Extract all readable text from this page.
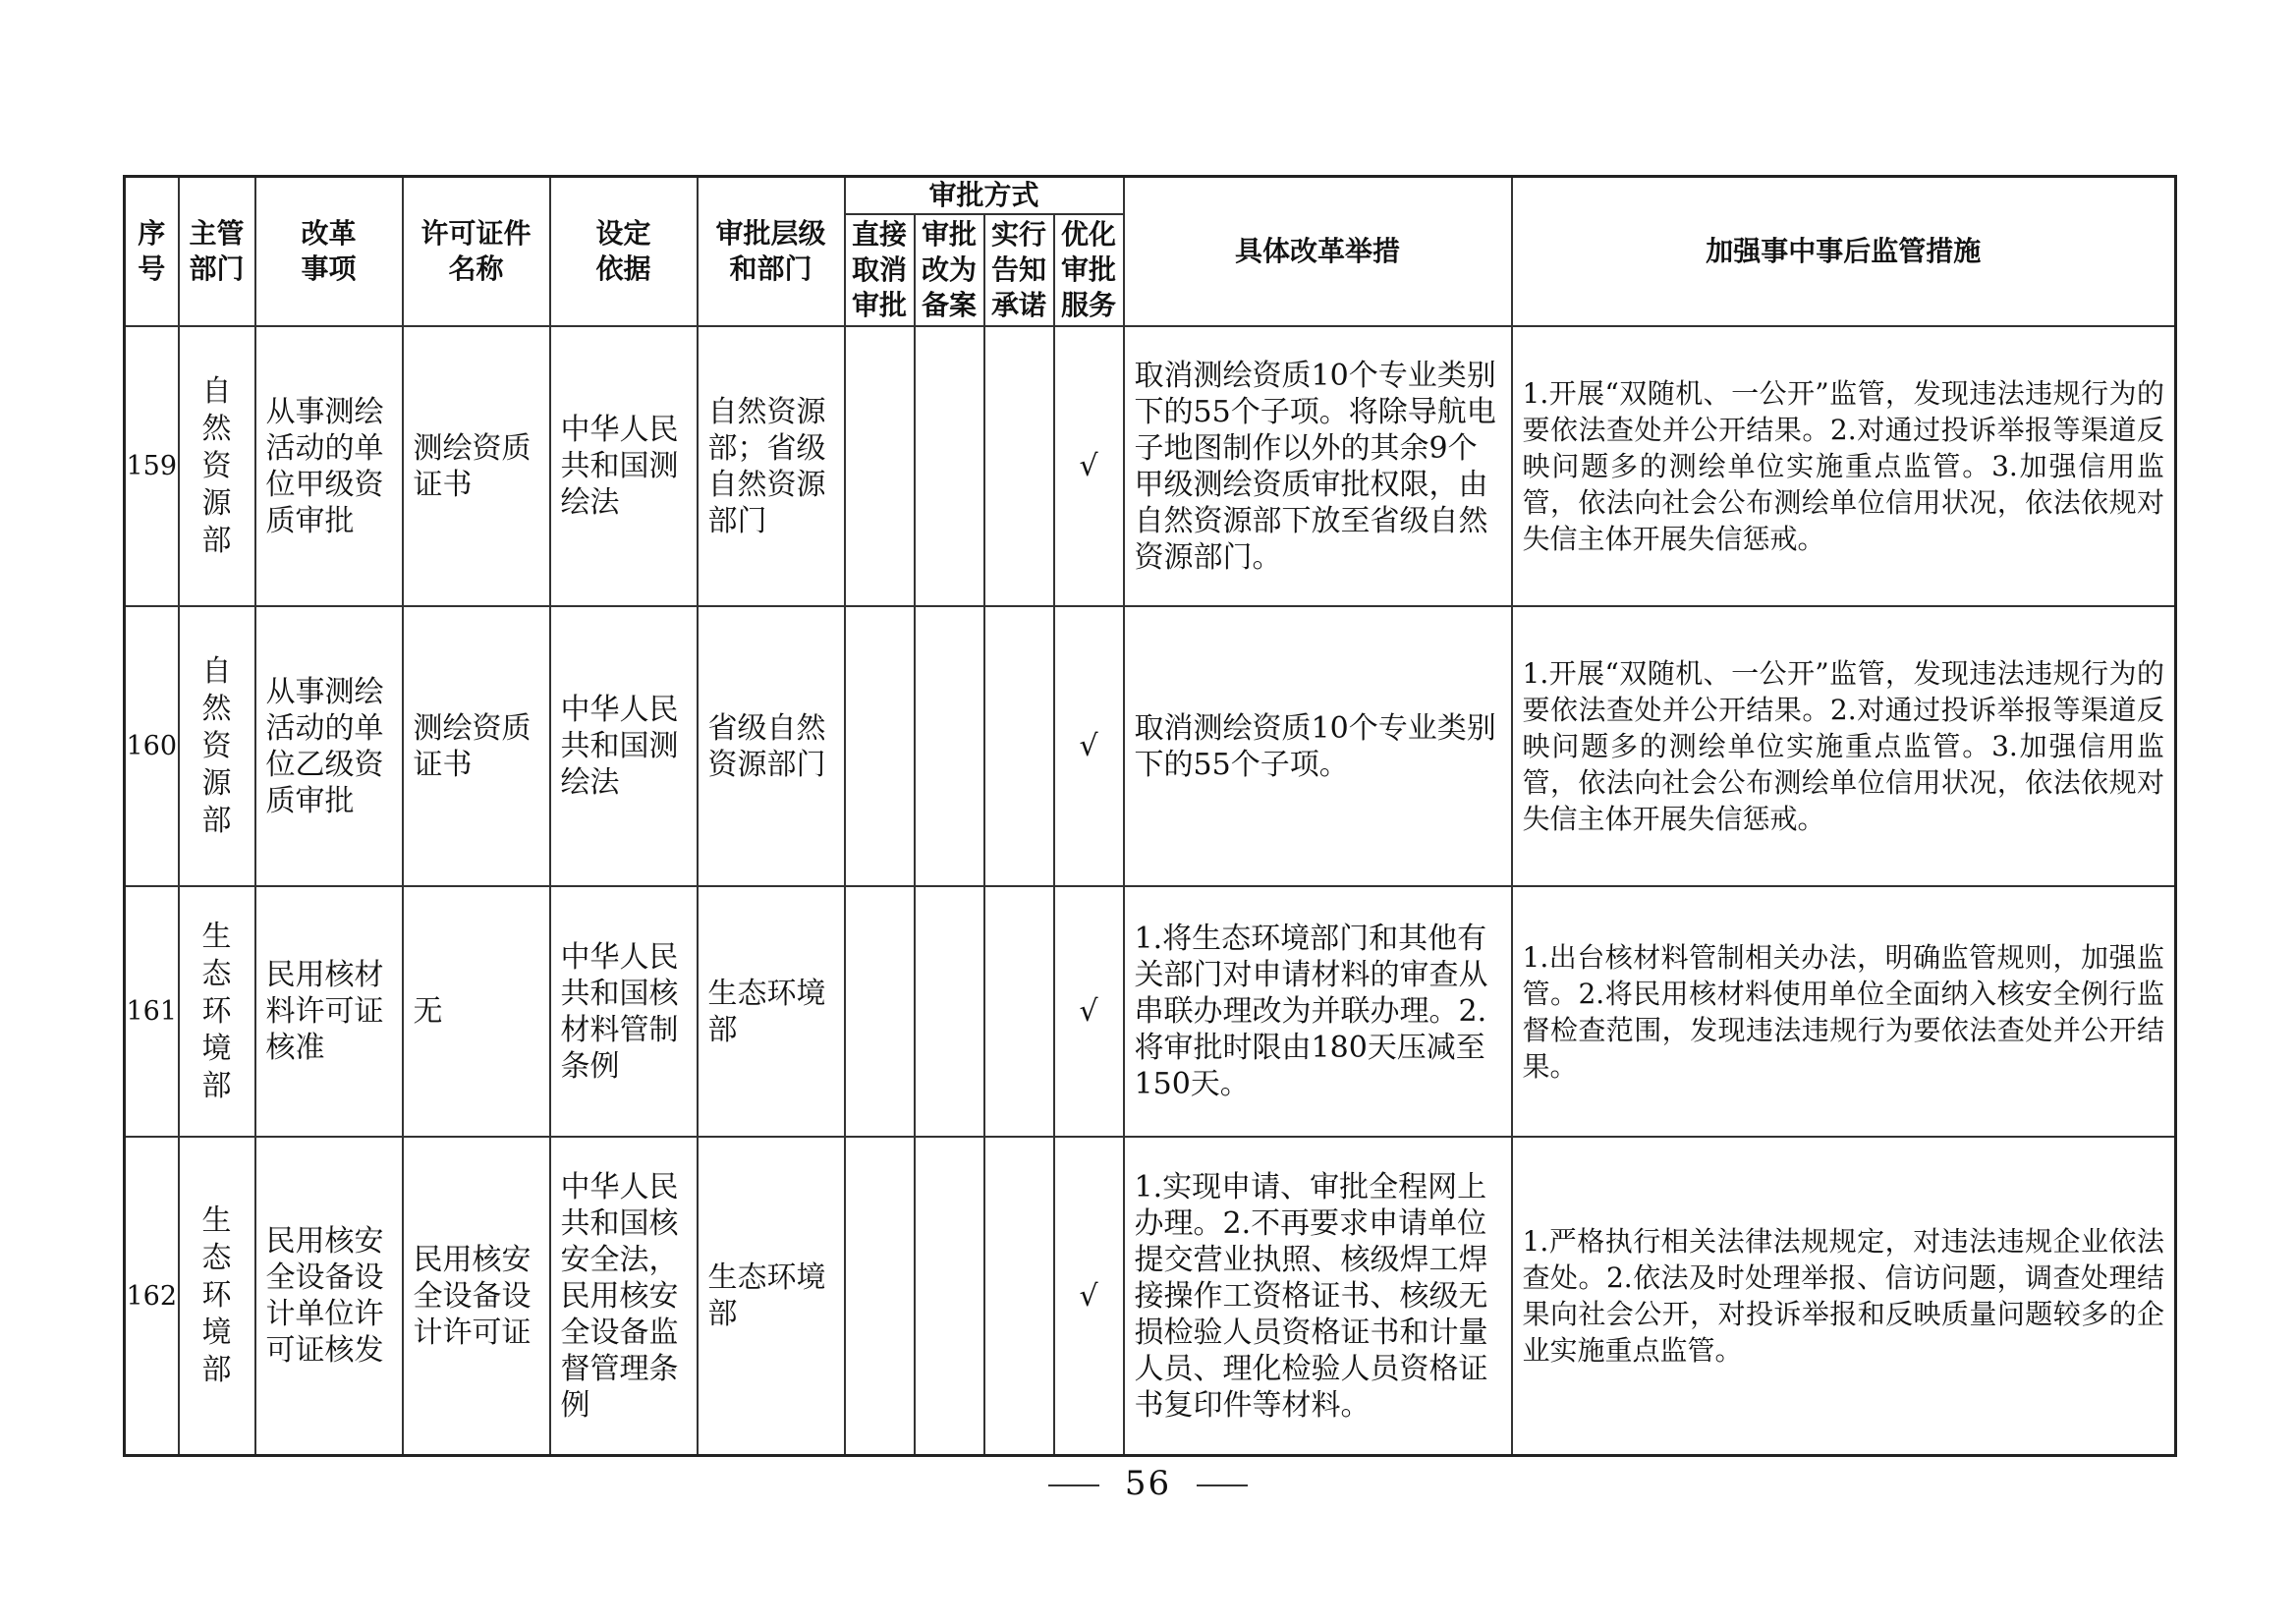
序号	主管部门	改革事项	许可证件名称	设定依据	审批层级和部门	审批方式				具体改革举措	加强事中事后监管措施
						直接取消审批	审批改为备案	实行告知承诺	优化审批服务		
159	自然资源部	从事测绘活动的单位甲级资质审批	测绘资质证书	中华人民共和国测绘法	自然资源部；省级自然资源部门				√	取消测绘资质10个专业类别下的55个子项。将除导航电子地图制作以外的其余9个甲级测绘资质审批权限，由自然资源部下放至省级自然资源部门。	1.开展“双随机、一公开”监管，发现违法违规行为的要依法查处并公开结果。2.对通过投诉举报等渠道反映问题多的测绘单位实施重点监管。3.加强信用监管，依法向社会公布测绘单位信用状况，依法依规对失信主体开展失信惩戒。
160	自然资源部	从事测绘活动的单位乙级资质审批	测绘资质证书	中华人民共和国测绘法	省级自然资源部门				√	取消测绘资质10个专业类别下的55个子项。	1.开展“双随机、一公开”监管，发现违法违规行为的要依法查处并公开结果。2.对通过投诉举报等渠道反映问题多的测绘单位实施重点监管。3.加强信用监管，依法向社会公布测绘单位信用状况，依法依规对失信主体开展失信惩戒。
161	生态环境部	民用核材料许可证核准	无	中华人民共和国核材料管制条例	生态环境部				√	1.将生态环境部门和其他有关部门对申请材料的审查从串联办理改为并联办理。2.将审批时限由180天压减至150天。	1.出台核材料管制相关办法，明确监管规则，加强监管。2.将民用核材料使用单位全面纳入核安全例行监督检查范围，发现违法违规行为要依法查处并公开结果。
162	生态环境部	民用核安全设备设计单位许可证核发	民用核安全设备设计许可证	中华人民共和国核安全法，民用核安全设备监督管理条例	生态环境部				√	1.实现申请、审批全程网上办理。2.不再要求申请单位提交营业执照、核级焊工焊接操作工资格证书、核级无损检验人员资格证书和计量人员、理化检验人员资格证书复印件等材料。	1.严格执行相关法律法规规定，对违法违规企业依法查处。2.依法及时处理举报、信访问题，调查处理结果向社会公开，对投诉举报和反映质量问题较多的企业实施重点监管。
56
